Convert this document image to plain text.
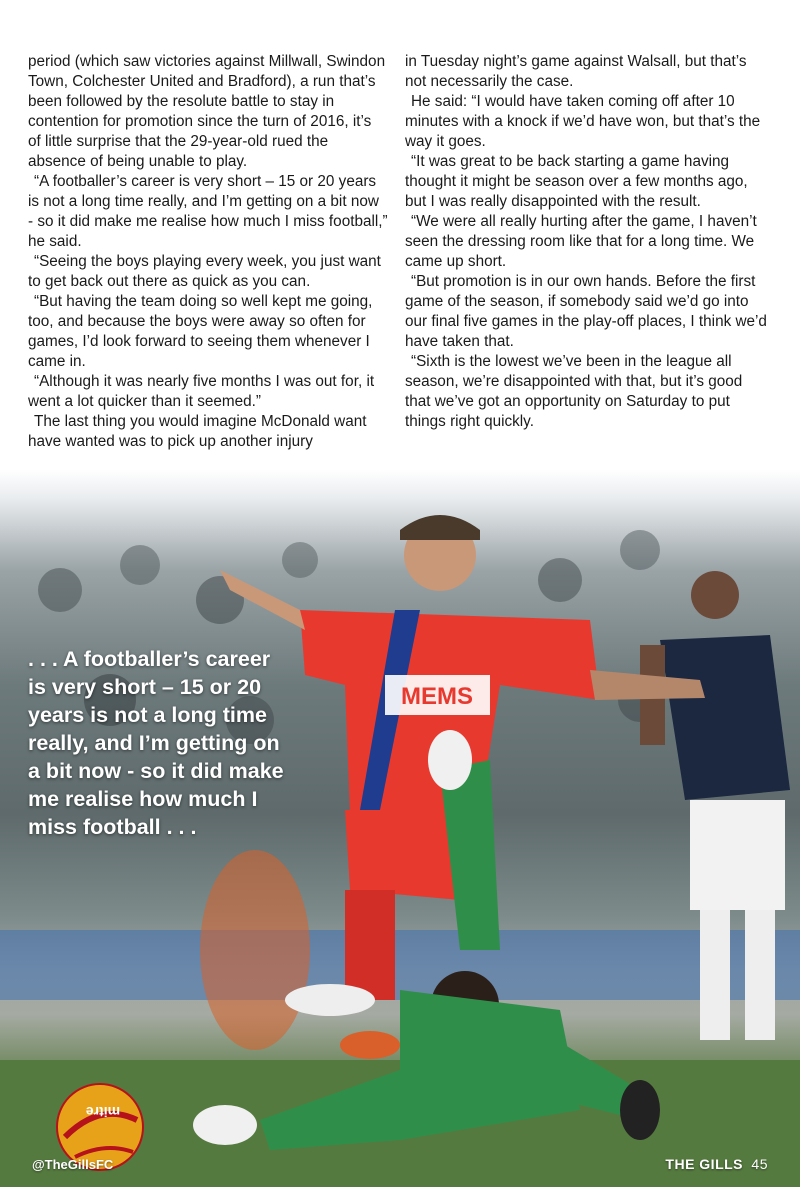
period (which saw victories against Millwall, Swindon Town, Colchester United and Bradford), a run that’s been followed by the resolute battle to stay in contention for promotion since the turn of 2016, it’s of little surprise that the 29-year-old rued the absence of being unable to play.

“A footballer’s career is very short – 15 or 20 years is not a long time really, and I’m getting on a bit now - so it did make me realise how much I miss football,” he said.

“Seeing the boys playing every week, you just want to get back out there as quick as you can.

“But having the team doing so well kept me going, too, and because the boys were away so often for games, I’d look forward to seeing them whenever I came in.

“Although it was nearly five months I was out for, it went a lot quicker than it seemed.”

The last thing you would imagine McDonald want have wanted was to pick up another injury

in Tuesday night’s game against Walsall, but that’s not necessarily the case.

He said: “I would have taken coming off after 10 minutes with a knock if we’d have won, but that’s the way it goes.

“It was great to be back starting a game having thought it might be season over a few months ago, but I was really disappointed with the result.

“We were all really hurting after the game, I haven’t seen the dressing room like that for a long time. We came up short.

“But promotion is in our own hands. Before the first game of the season, if somebody said we’d go into our final five games in the play-off places, I think we’d have taken that.

“Sixth is the lowest we’ve been in the league all season, we’re disappointed with that, but it’s good that we’ve got an opportunity on Saturday to put things right quickly.

MEMS
mitre
. . . A footballer’s career is very short – 15 or 20 years is not a long time really, and I’m getting on a bit now - so it did make me realise how much I miss football . . .
@TheGillsFC	THE GILLS 45
